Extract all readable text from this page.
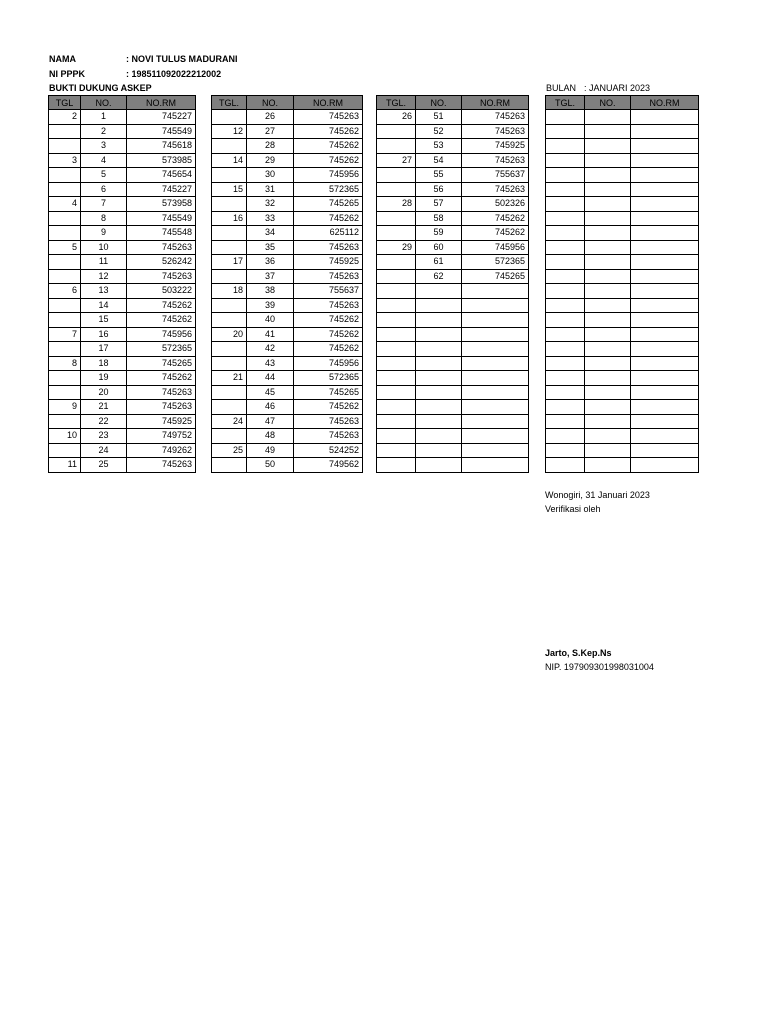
NAMA	: NOVI TULUS MADURANI
NI PPPK	: 198511092022212002
BUKTI DUKUNG ASKEP	BULAN : JANUARI 2023
TGL	NO.	NO.RM
2	1	745227
	2	745549
	3	745618
3	4	573985
	5	745654
	6	745227
4	7	573958
	8	745549
	9	745548
5	10	745263
	11	526242
	12	745263
6	13	503222
	14	745262
	15	745262
7	16	745956
	17	572365
8	18	745265
	19	745262
	20	745263
9	21	745263
	22	745925
10	23	749752
	24	749262
11	25	745263
TGL.	NO.	NO.RM
	26	745263
12	27	745262
	28	745262
14	29	745262
	30	745956
15	31	572365
	32	745265
16	33	745262
	34	625112
	35	745263
17	36	745925
	37	745263
18	38	755637
	39	745263
	40	745262
20	41	745262
	42	745262
	43	745956
21	44	572365
	45	745265
	46	745262
24	47	745263
	48	745263
25	49	524252
	50	749562
TGL.	NO.	NO.RM
26	51	745263
	52	745263
	53	745925
27	54	745263
	55	755637
	56	745263
28	57	502326
	58	745262
	59	745262
29	60	745956
	61	572365
	62	745265

TGL.	NO.	NO.RM

Wonogiri, 31 Januari 2023
Verifikasi oleh
Jarto, S.Kep.Ns
NIP. 197909301998031004
